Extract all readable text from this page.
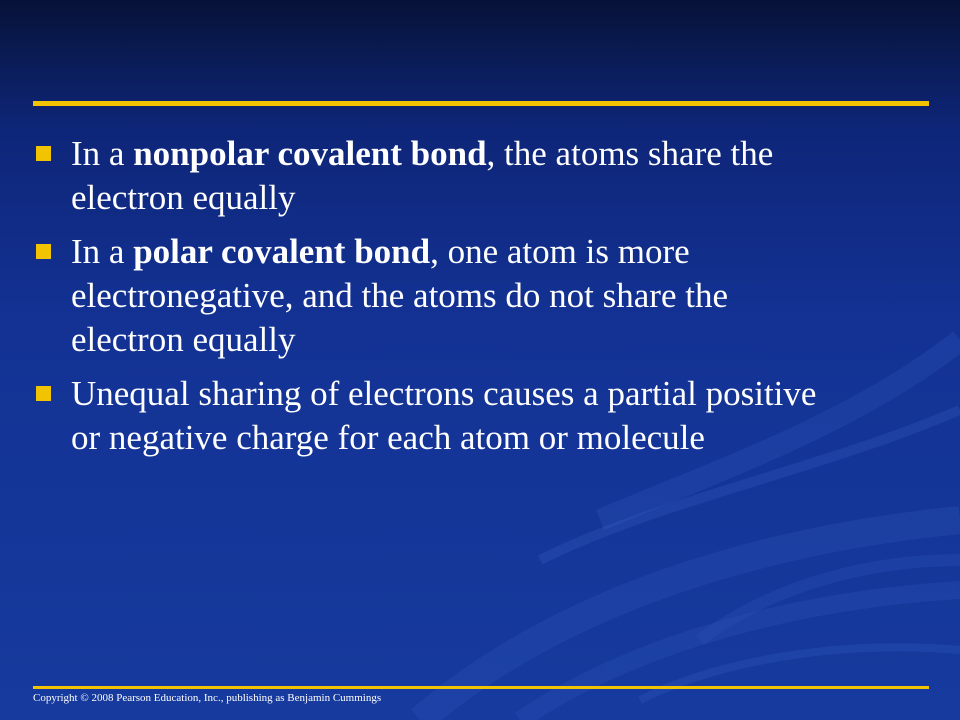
In a nonpolar covalent bond, the atoms share the electron equally
In a polar covalent bond, one atom is more electronegative, and the atoms do not share the electron equally
Unequal sharing of electrons causes a partial positive or negative charge for each atom or molecule
Copyright © 2008 Pearson Education, Inc., publishing as Benjamin Cummings
